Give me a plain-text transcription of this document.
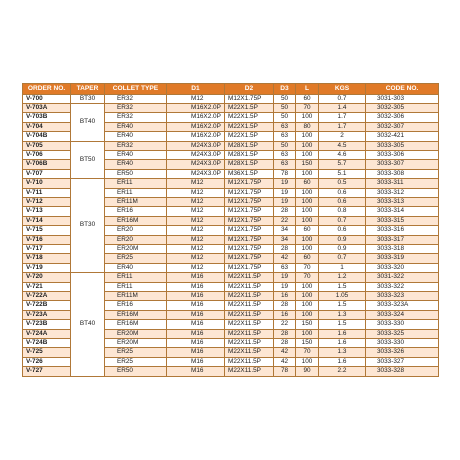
ORDER NO.	TAPER	COLLET TYPE	D1	D2	D3	L	KGS	CODE NO.
V-700	BT30	ER32	M12	M12X1.75P	50	60	0.7	3031-303
V-703A	BT40	ER32	M16X2.0P	M22X1.5P	50	70	1.4	3032-305
V-703B		ER32	M16X2.0P	M22X1.5P	50	100	1.7	3032-306
V-704		ER40	M16X2.0P	M22X1.5P	63	80	1.7	3032-307
V-704B		ER40	M16X2.0P	M22X1.5P	63	100	2	3032-421
V-705	BT50	ER32	M24X3.0P	M28X1.5P	50	100	4.5	3033-305
V-706		ER40	M24X3.0P	M28X1.5P	63	100	4.6	3033-306
V-706B		ER40	M24X3.0P	M28X1.5P	63	150	5.7	3033-307
V-707		ER50	M24X3.0P	M36X1.5P	78	100	5.1	3033-308
V-710	BT30	ER11	M12	M12X1.75P	19	60	0.5	3033-311
V-711		ER11	M12	M12X1.75P	19	100	0.6	3033-312
V-712		ER11M	M12	M12X1.75P	19	100	0.6	3033-313
V-713		ER16	M12	M12X1.75P	28	100	0.8	3033-314
V-714		ER16M	M12	M12X1.75P	22	100	0.7	3033-315
V-715		ER20	M12	M12X1.75P	34	60	0.6	3033-316
V-716		ER20	M12	M12X1.75P	34	100	0.9	3033-317
V-717		ER20M	M12	M12X1.75P	28	100	0.9	3033-318
V-718		ER25	M12	M12X1.75P	42	60	0.7	3033-319
V-719		ER40	M12	M12X1.75P	63	70	1	3033-320
V-720	BT40	ER11	M16	M22X11.5P	19	70	1.2	3031-322
V-721		ER11	M16	M22X11.5P	19	100	1.5	3033-322
V-722A		ER11M	M16	M22X11.5P	16	100	1.05	3033-323
V-722B		ER16	M16	M22X11.5P	28	100	1.5	3033-323A
V-723A		ER16M	M16	M22X11.5P	16	100	1.3	3033-324
V-723B		ER16M	M16	M22X11.5P	22	150	1.5	3033-330
V-724A		ER20M	M16	M22X11.5P	28	100	1.6	3033-325
V-724B		ER20M	M16	M22X11.5P	28	150	1.6	3033-330
V-725		ER25	M16	M22X11.5P	42	70	1.3	3033-326
V-726		ER25	M16	M22X11.5P	42	100	1.6	3033-327
V-727		ER50	M16	M22X11.5P	78	90	2.2	3033-328
